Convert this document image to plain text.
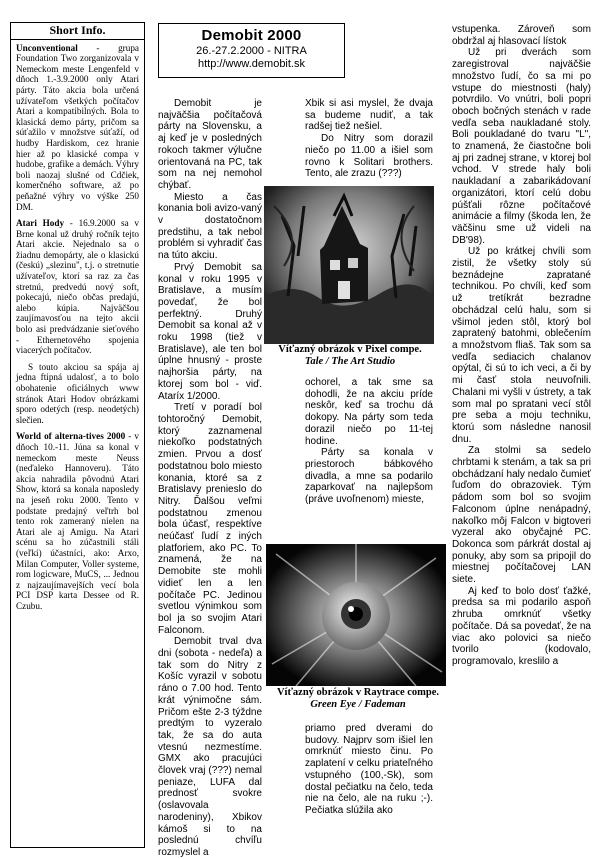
Short Info.

Unconventional - grupa Foundation Two zorganizovala v Nemeckom meste Lengenfeld v dňoch 1.-3.9.2000 only Atari párty. Táto akcia bola určená užívateľom všetkých počítačov Atari a kompatibilných. Bola to klasická demo párty, pričom sa súťažilo v množstve súťaží, od hudby Hardiskom, cez hranie hier až po klasické compa v hudobe, grafike a demách. Výhry boli naozaj slušné od Cdčiek, komerčného software, až po peňažné výhry vo výške 250 DM.

Atari Hody - 16.9.2000 sa v Brne konal už druhý ročník tejto Atari akcie. Nejednalo sa o žiadnu demopárty, ale o klasickú (českú) „slezinu", t.j. o stretnutie užívateľov, ktorí sa raz za čas stretnú, predvedú nový soft, pokecajú, niečo občas predajú, alebo kúpia. Najväčšou zaujímavosťou na tejto akcii bolo asi predvádzanie sieťového - Ethernetového spojenia viacerých počítačov.

S touto akciou sa spája aj jedna ftipná udalosť, a to bolo obohatenie oficiálnych www stránok Atari Hodov obrázkami sporo odetých (resp. neodetých) slečien.

World of alterna-tives 2000 - v dňoch 10.-11. Júna sa konal v nemeckom meste Neuss (neďaleko Hannoveru). Táto akcia nahradila pôvodnú Atari Show, ktorá sa konala naposledy na jeseň roku 2000. Tento v podstate predajný veľtrh bol tento rok zameraný nielen na Atari ale aj Amigu. Na Atari scénu sa ho zúčastnili stáli (veľkí) účastníci, ako: Arxo, Milan Computer, Voller systeme, rom logicware, MuCS, ... Jednou z najzaujímavejších vecí bola PCI DSP karta Dessee od R. Czubu.

Demobit 2000
26.-27.2.2000 - NITRA
http://www.demobit.sk

Demobit je najväčšia počítačová párty na Slovensku, a aj keď je v posledných rokoch takmer výlučne orientovaná na PC, tak som na nej nemohol chýbať.

Miesto a čas konania boli avizo-vaný v dostatočnom predstihu, a tak nebol problém si vyhradiť čas na túto akciu.

Prvý Demobit sa konal v roku 1995 v Bratislave, a musím povedať, že bol perfektný. Druhý Demobit sa konal až v roku 1998 (tiež v Bratislave), ale ten bol úplne hnusný - proste najhoršia párty, na ktorej som bol - viď. Ataríx 1/2000.

Tretí v poradí bol tohtoročný Demobit, ktorý zaznamenal niekoľko podstatných zmien. Prvou a dosť podstatnou bolo miesto konania, ktoré sa z Bratislavy prenieslo do Nitry. Ďalšou veľmi podstatnou zmenou bola účasť, respektíve neúčasť ľudí z iných platforiem, ako PC. To znamená, že na Demobite ste mohli vidieť len a len počítače PC. Jedinou svetlou výnimkou som bol ja so svojim Atari Falconom.

Demobit trval dva dni (sobota - nedeľa) a tak som do Nitry z Košíc vyrazil v sobotu ráno o 7.00 hod. Tento krát výnimočne sám. Pričom ešte 2-3 týždne predtým to vyzeralo tak, že sa do auta vtesnú nezmestíme. GMX ako pracujúci človek vraj (???) nemal peniaze, LUFA dal prednosť svokre (oslavovala narodeniny), Xbikov kámoš si to na poslednú chvíľu rozmyslel a

Xbik si asi myslel, že dvaja sa budeme nudiť, a tak radšej tiež nešiel.

Do Nitry som dorazil niečo po 11.00 a išiel som rovno k Solitari brothers. Tento, ale zrazu (???)

Víťazný obrázok v Pixel compe.
Tale / The Art Studio

ochorel, a tak sme sa dohodli, že na akciu príde neskôr, keď sa trochu dá dokopy. Na párty som teda dorazil niečo po 11-tej hodine.

Párty sa konala v priestoroch bábkového divadla, a mne sa podarilo zaparkovať na najlepšom (práve uvoľnenom) mieste,

Víťazný obrázok v Raytrace compe.
Green Eye / Fademan

priamo pred dverami do budovy. Najprv som išiel len omrknúť miesto činu. Po zaplatení v celku priateľného vstupného (100,-Sk), som dostal pečiatku na čelo, teda nie na čelo, ale na ruku ;-). Pečiatka slúžila ako

vstupenka. Zároveň som obdržal aj hlasovací lístok

Už pri dverách som zaregistroval najväčšie množstvo ľudí, čo sa mi po vstupe do miestnosti (haly) potvrdilo. Vo vnútri, boli popri oboch bočných stenách v rade vedľa seba naukladané stoly. Boli poukladané do tvaru "L", to znamená, že čiastočne boli aj pri zadnej strane, v ktorej bol vchod. V strede haly boli naukladaní a zabarikádovaní organizátori, ktorí celú dobu púšťali rôzne počítačové animácie a filmy (škoda len, že väčšinu sme už videli na DB'98).

Už po krátkej chvíli som zistil, že všetky stoly sú beznádejne zapratané technikou. Po chvíli, keď som už tretíkrát bezradne obchádzal celú halu, som si všimol jeden stôl, ktorý bol zapratený batohmi, oblečením a množstvom fliaš. Tak som sa vedľa sediacich chalanov opýtal, či sú to ich veci, a či by mi časť stola neuvoľnili. Chalani mi vyšli v ústrety, a tak som mal po spratani vecí stôl pre seba a moju techniku, ktorú som následne nanosil dnu.

Za stolmi sa sedelo chrbtami k stenám, a tak sa pri obchádzaní haly nedalo čumieť ľuďom do obrazoviek. Tým pádom som bol so svojim Falconom úplne nenápadný, nakoľko môj Falcon v bigtoveri vyzeral ako obyčajné PC. Dokonca som párkrát dostal aj ponuky, aby som sa pripojil do miestnej počítačovej LAN siete.

Aj keď to bolo dosť ťažké, predsa sa mi podarilo aspoň zhruba omrknúť všetky počítače. Dá sa povedať, že na viac ako polovici sa niečo tvorilo (kodovalo, programovalo, kreslilo a
